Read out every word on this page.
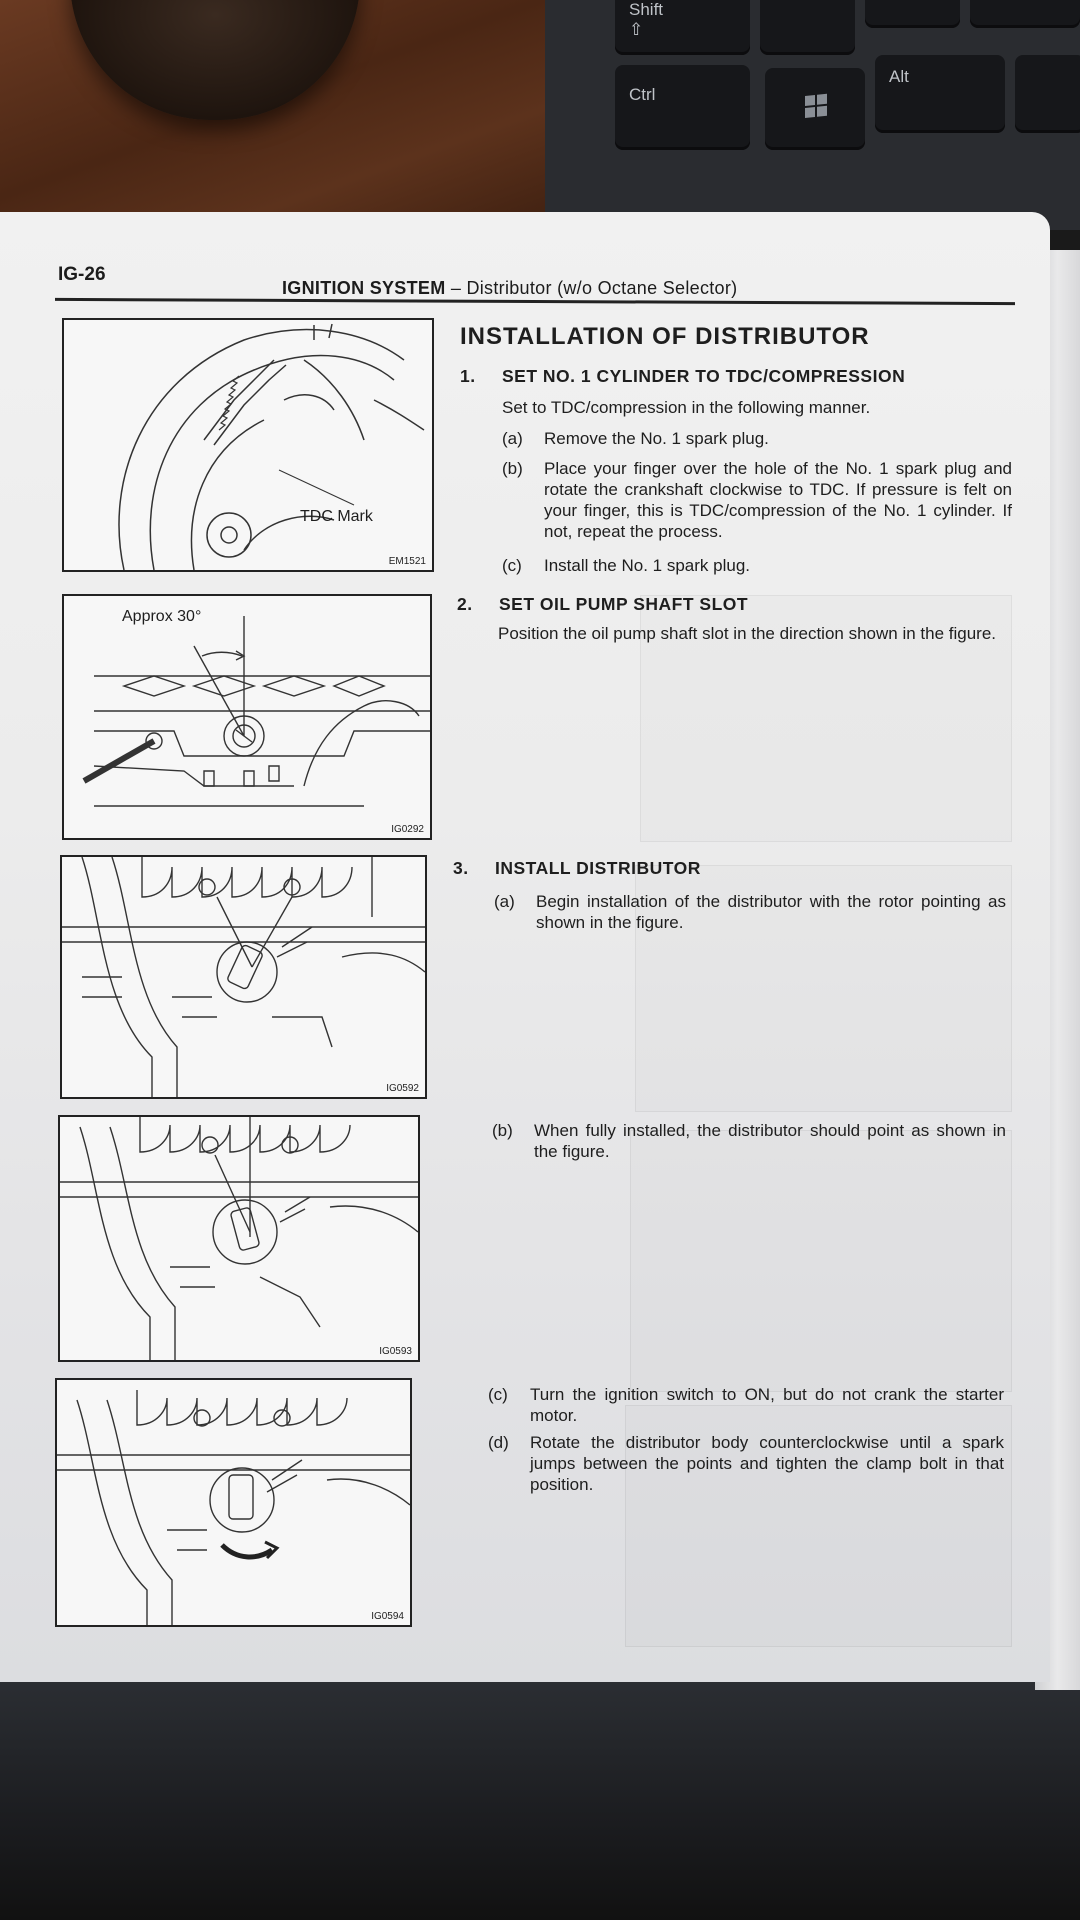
Shift
⇧
Ctrl
Alt
IG-26
IGNITION SYSTEM – Distributor (w/o Octane Selector)
TDC Mark
EM1521
Approx 30°
IG0292
IG0592
IG0593
IG0594
INSTALLATION OF DISTRIBUTOR
1. SET NO. 1 CYLINDER TO TDC/COMPRESSION
Set to TDC/compression in the following manner.
(a)	Remove the No. 1 spark plug.
(b)	Place your finger over the hole of the No. 1 spark plug and rotate the crankshaft clockwise to TDC. If pressure is felt on your finger, this is TDC/compression of the No. 1 cylinder. If not, repeat the process.
(c)	Install the No. 1 spark plug.
2. SET OIL PUMP SHAFT SLOT
Position the oil pump shaft slot in the direction shown in the figure.
3. INSTALL DISTRIBUTOR
(a)	Begin installation of the distributor with the rotor pointing as shown in the figure.
(b)	When fully installed, the distributor should point as shown in the figure.
(c)	Turn the ignition switch to ON, but do not crank the starter motor.
(d)	Rotate the distributor body counterclockwise until a spark jumps between the points and tighten the clamp bolt in that position.
